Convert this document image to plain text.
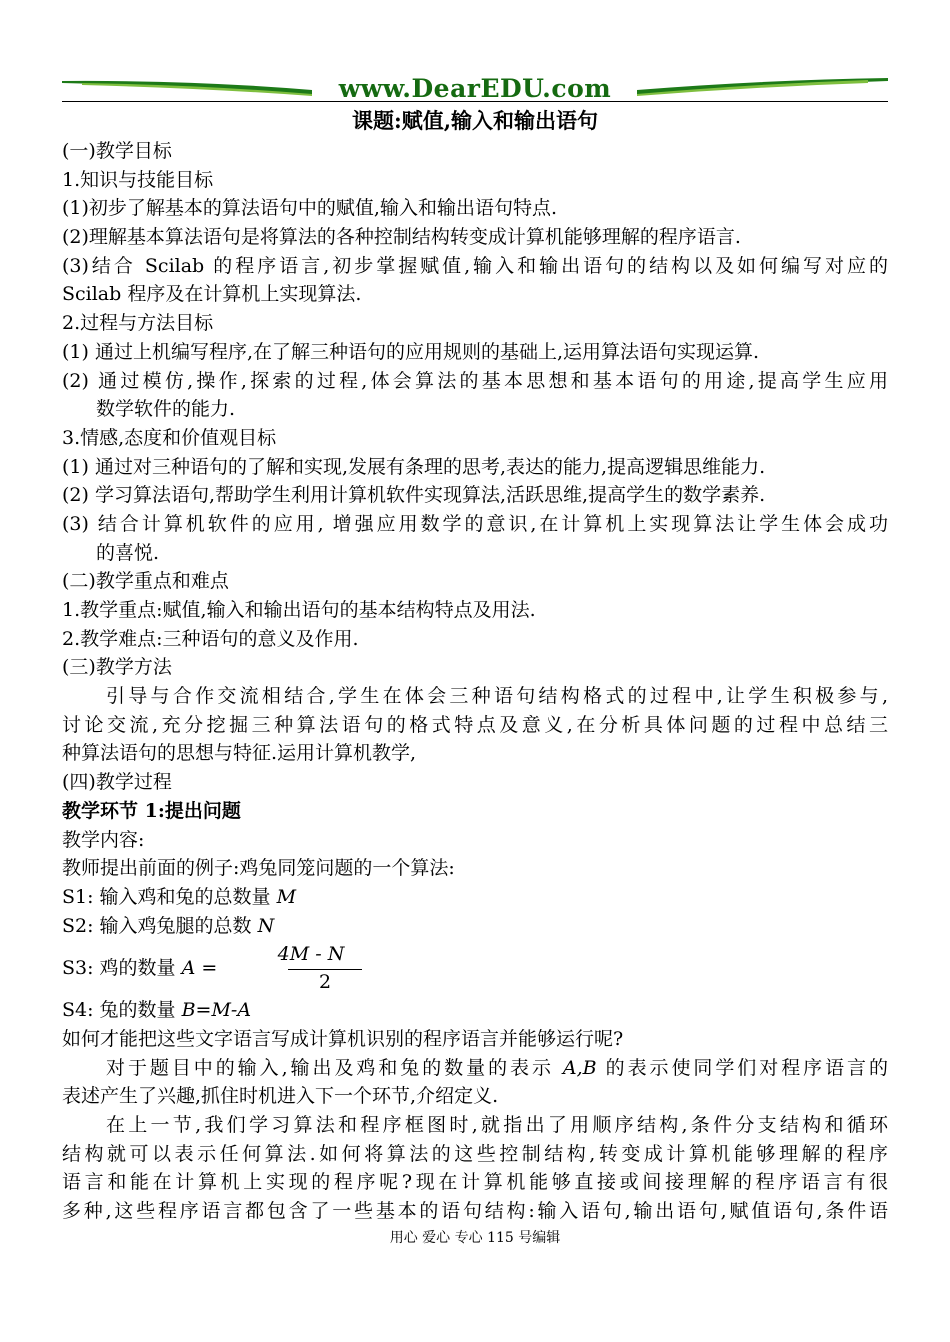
www.DearEDU.com
课题:赋值,输入和输出语句
(一)教学目标
1.知识与技能目标
(1)初步了解基本的算法语句中的赋值,输入和输出语句特点.
(2)理解基本算法语句是将算法的各种控制结构转变成计算机能够理解的程序语言.
(3)结合 Scilab 的程序语言,初步掌握赋值,输入和输出语句的结构以及如何编写对应的
Scilab 程序及在计算机上实现算法.
2.过程与方法目标
(1) 通过上机编写程序,在了解三种语句的应用规则的基础上,运用算法语句实现运算.
(2) 通过模仿,操作,探索的过程,体会算法的基本思想和基本语句的用途,提高学生应用
数学软件的能力.
3.情感,态度和价值观目标
(1) 通过对三种语句的了解和实现,发展有条理的思考,表达的能力,提高逻辑思维能力.
(2) 学习算法语句,帮助学生利用计算机软件实现算法,活跃思维,提高学生的数学素养.
(3) 结合计算机软件的应用, 增强应用数学的意识,在计算机上实现算法让学生体会成功
的喜悦.
(二)教学重点和难点
1.教学重点:赋值,输入和输出语句的基本结构特点及用法.
2.教学难点:三种语句的意义及作用.
(三)教学方法
引导与合作交流相结合,学生在体会三种语句结构格式的过程中,让学生积极参与,
讨论交流,充分挖掘三种算法语句的格式特点及意义,在分析具体问题的过程中总结三
种算法语句的思想与特征.运用计算机教学,
(四)教学过程
教学环节 1:提出问题
教学内容:
教师提出前面的例子:鸡兔同笼问题的一个算法:
S1: 输入鸡和兔的总数量 M
S2: 输入鸡兔腿的总数 N
S3: 鸡的数量 A =
4M - N
2
S4: 兔的数量 B=M-A
如何才能把这些文字语言写成计算机识别的程序语言并能够运行呢?
对于题目中的输入,输出及鸡和兔的数量的表示 A,B 的表示使同学们对程序语言的
表述产生了兴趣,抓住时机进入下一个环节,介绍定义.
在上一节,我们学习算法和程序框图时,就指出了用顺序结构,条件分支结构和循环
结构就可以表示任何算法.如何将算法的这些控制结构,转变成计算机能够理解的程序
语言和能在计算机上实现的程序呢?现在计算机能够直接或间接理解的程序语言有很
多种,这些程序语言都包含了一些基本的语句结构:输入语句,输出语句,赋值语句,条件语
用心 爱心 专心 115 号编辑
